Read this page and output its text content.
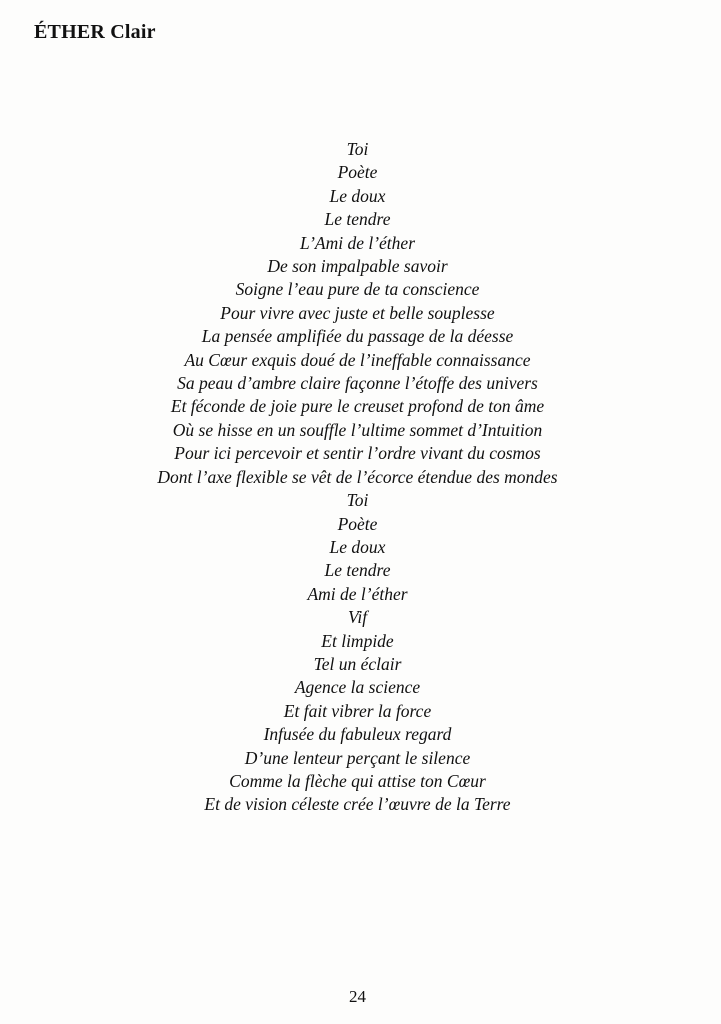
ÉTHER Clair
Toi
Poète
Le doux
Le tendre
L’Ami de l’éther
De son impalpable savoir
Soigne l’eau pure de ta conscience
Pour vivre avec juste et belle souplesse
La pensée amplifiée du passage de la déesse
Au Cœur exquis doué de l’ineffable connaissance
Sa peau d’ambre claire façonne l’étoffe des univers
Et féconde de joie pure le creuset profond de ton âme
Où se hisse en un souffle l’ultime sommet d’Intuition
Pour ici percevoir et sentir l’ordre vivant du cosmos
Dont l’axe flexible se vêt de l’écorce étendue des mondes
Toi
Poète
Le doux
Le tendre
Ami de l’éther
Vif
Et limpide
Tel un éclair
Agence la science
Et fait vibrer la force
Infusée du fabuleux regard
D’une lenteur perçant le silence
Comme la flèche qui attise ton Cœur
Et de vision céleste crée l’œuvre de la Terre
24
